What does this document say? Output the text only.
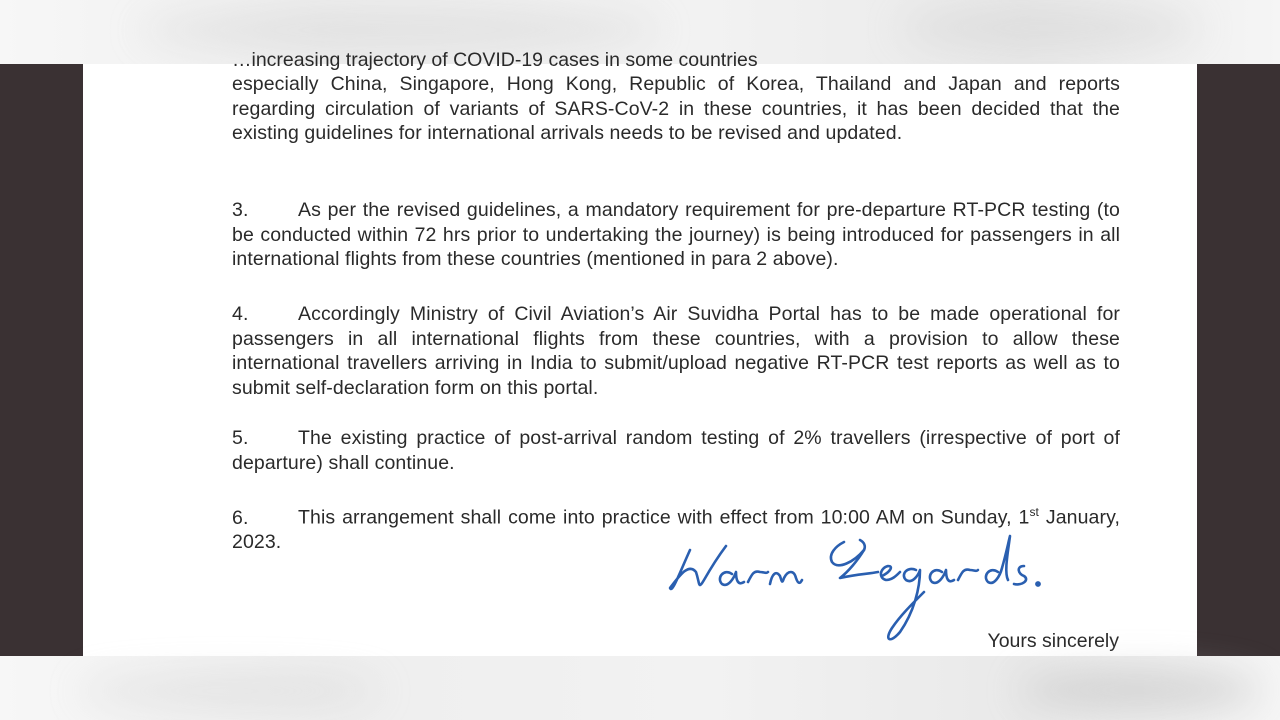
…increasing trajectory of COVID-19 cases in some countries
especially China, Singapore, Hong Kong, Republic of Korea, Thailand and Japan and reports regarding circulation of variants of SARS-CoV-2 in these countries, it has been decided that the existing guidelines for international arrivals needs to be revised and updated.
3.	As per the revised guidelines, a mandatory requirement for pre-departure RT-PCR testing (to be conducted within 72 hrs prior to undertaking the journey) is being introduced for passengers in all international flights from these countries (mentioned in para 2 above).
4.	Accordingly Ministry of Civil Aviation’s Air Suvidha Portal has to be made operational for passengers in all international flights from these countries, with a provision to allow these international travellers arriving in India to submit/upload negative RT-PCR test reports as well as to submit self-declaration form on this portal.
5.	The existing practice of post-arrival random testing of 2% travellers (irrespective of port of departure) shall continue.
6.	This arrangement shall come into practice with effect from 10:00 AM on Sunday, 1st January, 2023.
Yours sincerely
